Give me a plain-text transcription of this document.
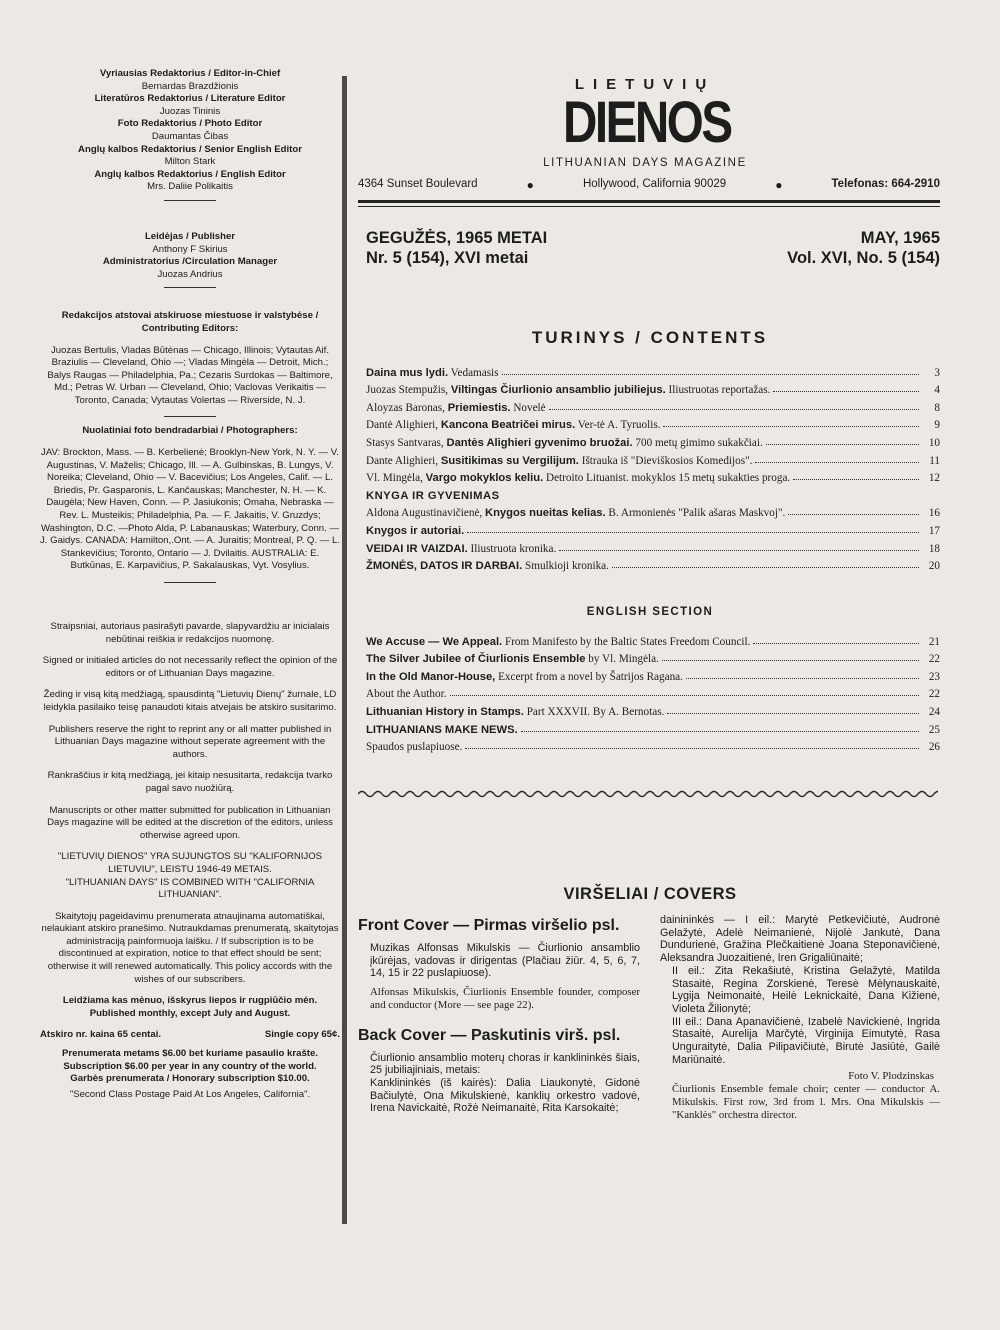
Vyriausias Redaktorius / Editor-in-Chief
Bernardas Brazdžionis
Literatūros Redaktorius / Literature Editor
Juozas Tininis
Foto Redaktorius / Photo Editor
Daumantas Čibas
Anglų kalbos Redaktorius / Senior English Editor
Milton Stark
Anglų kalbos Redaktorius / English Editor
Mrs. Daliie Polikaitis
Leidėjas / Publisher
Anthony F Skirius
Administratorius /Circulation Manager
Juozas Andrius
Redakcijos atstovai atskiruose miestuose ir valstybėse / Contributing Editors:
Juozas Bertulis, Vladas Būtėnas — Chicago, Illinois; Vytautas Aif. Braziulis — Cleveland, Ohio —; Vladas Mingėla — Detroit, Mich.; Balys Raugas — Philadelphia, Pa.; Cezaris Surdokas — Baltimore, Md.; Petras W. Urban — Cleveland, Ohio; Vaclovas Verikaitis — Toronto, Canada; Vytautas Volertas — Riverside, N. J.
Nuolatiniai foto bendradarbiai / Photographers:
JAV: Brockton, Mass. — B. Kerbelienė; Brooklyn-New York, N. Y. — V. Augustinas, V. Maželis; Chicago, Ill. — A. Gulbinskas, B. Lungys, V. Noreika; Cleveland, Ohio — V. Bacevičius; Los Angeles, Calif. — L. Briedis, Pr. Gasparonis, L. Kančauskas; Manchester, N. H. — K. Daugėla; New Haven, Conn. — P. Jasiukonis; Omaha, Nebraska — Rev. L. Musteikis; Philadelphia, Pa. — F. Jakaitis, V. Gruzdys; Washington, D.C. —Photo Alda, P. Labanauskas; Waterbury, Conn. — J. Gaidys. CANADA: Hamilton,.Ont. — A. Juraitis; Montreal, P. Q. — L. Stankevičius; Toronto, Ontario — J. Dvilaitis. AUSTRALIA: E. Butkūnas, E. Karpavičius, P. Sakalauskas, Vyt. Vosylius.
Straipsniai, autoriaus pasirašyti pavarde, slapyvardžiu ar inicialais nebūtinai reiškia ir redakcijos nuomonę.
Signed or initialed articles do not necessarily reflect the opinion of the editors or of Lithuanian Days magazine.
Žeding ir visą kitą medžiagą, spausdintą "Lietuvių Dienų" žurnale, LD leidykla pasilaiko teisę panaudoti kitais atvejais be atskiro susitarimo.
Publishers reserve the right to reprint any or all matter published in Lithuanian Days magazine without seperate agreement with the authors.
Rankraščius ir kitą medžiagą, jei kitaip nesusitarta, redakcija tvarko pagal savo nuožiūrą.
Manuscripts or other matter submitted for publication in Lithuanian Days magazine will be edited at the discretion of the editors, unless otherwise agreed upon.
"LIETUVIŲ DIENOS" YRA SUJUNGTOS SU "KALIFORNIJOS LIETUVIU", LEISTU 1946-49 METAIS.
"LITHUANIAN DAYS" IS COMBINED WITH "CALIFORNIA LITHUANIAN".
Skaitytojų pageidavimu prenumerata atnaujinama automatiškai, nelaukiant atskiro pranešimo. Nutraukdamas prenumeratą, skaitytojas administraciją painformuoja laišku. / If subscription is to be discontinued at expiration, notice to that effect should be sent; otherwise it will renewed automatically. This policy accords with the wishes of our subscribers.
Leidžiama kas mėnuo, išskyrus liepos ir rugpiūčio mėn. Published monthly, except July and August.
Atskiro nr. kaina 65 centai.	Single copy 65¢.
Prenumerata metams $6.00 bet kuriame pasaulio krašte.
Subscription $6.00 per year in any country of the world.
Garbės prenumerata / Honorary subscription $10.00.
"Second Class Postage Paid At Los Angeles, California".
LIETUVIŲ
DIENOS
LITHUANIAN DAYS MAGAZINE
4364 Sunset Boulevard	●	Hollywood, California 90029	●	Telefonas: 664-2910
GEGUŽĖS, 1965 METAI
Nr. 5 (154), XVI metai
MAY, 1965
Vol. XVI, No. 5 (154)
TURINYS / CONTENTS
Daina mus lydi. Vedamasis	3
Juozas Stempužis, Viltingas Čiurlionio ansamblio jubiliejus. Iliustruotas reportažas.	4
Aloyzas Baronas, Priemiestis. Novelė	8
Dantė Alighieri, Kancona Beatričei mirus. Ver-tė A. Tyruolis.	9
Stasys Santvaras, Dantės Alighieri gyvenimo bruožai. 700 metų gimimo sukakčiai.	10
Dante Alighieri, Susitikimas su Vergilijum. Ištrauka iš "Dieviškosios Komedijos".	11
Vl. Mingėla, Vargo mokyklos keliu. Detroito Lituanist. mokyklos 15 metų sukakties proga.	12
KNYGA IR GYVENIMAS
Aldona Augustinavičienė, Knygos nueitas kelias. B. Armonienės "Palik ašaras Maskvoj".	16
Knygos ir autoriai.	17
VEIDAI IR VAIZDAI. Iliustruota kronika.	18
ŽMONĖS, DATOS IR DARBAI. Smulkioji kronika.	20
ENGLISH SECTION
We Accuse — We Appeal. From Manifesto by the Baltic States Freedom Council.	21
The Silver Jubilee of Čiurlionis Ensemble by Vl. Mingėla.	22
In the Old Manor-House, Excerpt from a novel by Šatrijos Ragana.	23
About the Author.	22
Lithuanian History in Stamps. Part XXXVII. By A. Bernotas.	24
LITHUANIANS MAKE NEWS.	25
Spaudos puslapiuose.	26
VIRŠELIAI / COVERS
Front Cover — Pirmas viršelio psl.
Muzikas Alfonsas Mikulskis — Čiurlionio ansamblio įkūrėjas, vadovas ir dirigentas (Plačiau žiūr. 4, 5, 6, 7, 14, 15 ir 22 puslapiuose).
Alfonsas Mikulskis, Čiurlionis Ensemble founder, composer and conductor (More — see page 22).
Back Cover — Paskutinis virš. psl.
Čiurlionio ansamblio moterų choras ir kanklininkės šiais, 25 jubiliajiniais, metais:
Kanklininkės (iš kairės): Dalia Liaukonytė, Gidonė Bačiulytė, Ona Mikulskienė, kanklių orkestro vadovė, Irena Navickaitė, Rožė Neimanaitė, Rita Karsokaitė;
dainininkės — I eil.: Marytė Petkevičiutė, Audronė Gelažytė, Adelė Neimanienė, Nijolė Jankutė, Dana Dundurienė, Gražina Plečkaitienė Joana Steponavičienė, Aleksandra Juozaitienė, Iren Grigaliūnaitė;
II eil.: Zita Rekašiutė, Kristina Gelažytė, Matilda Stasaitė, Regina Zorskienė, Teresė Mėlynauskaitė, Lygija Neimonaitė, Heilė Leknickaitė, Dana Kižienė, Violeta Žilionytė;
III eil.: Dana Apanavičienė, Izabelė Navickienė, Ingrida Stasaitė, Aurelija Marčytė, Virginija Eimutytė, Rasa Unguraitytė, Dalia Pilipavičiutė, Birutė Jasiūtė, Gailė Mariūnaitė.
Foto V. Plodzinskas
Čiurlionis Ensemble female choir; center — conductor A. Mikulskis. First row, 3rd from l. Mrs. Ona Mikulskis — "Kanklės" orchestra director.
